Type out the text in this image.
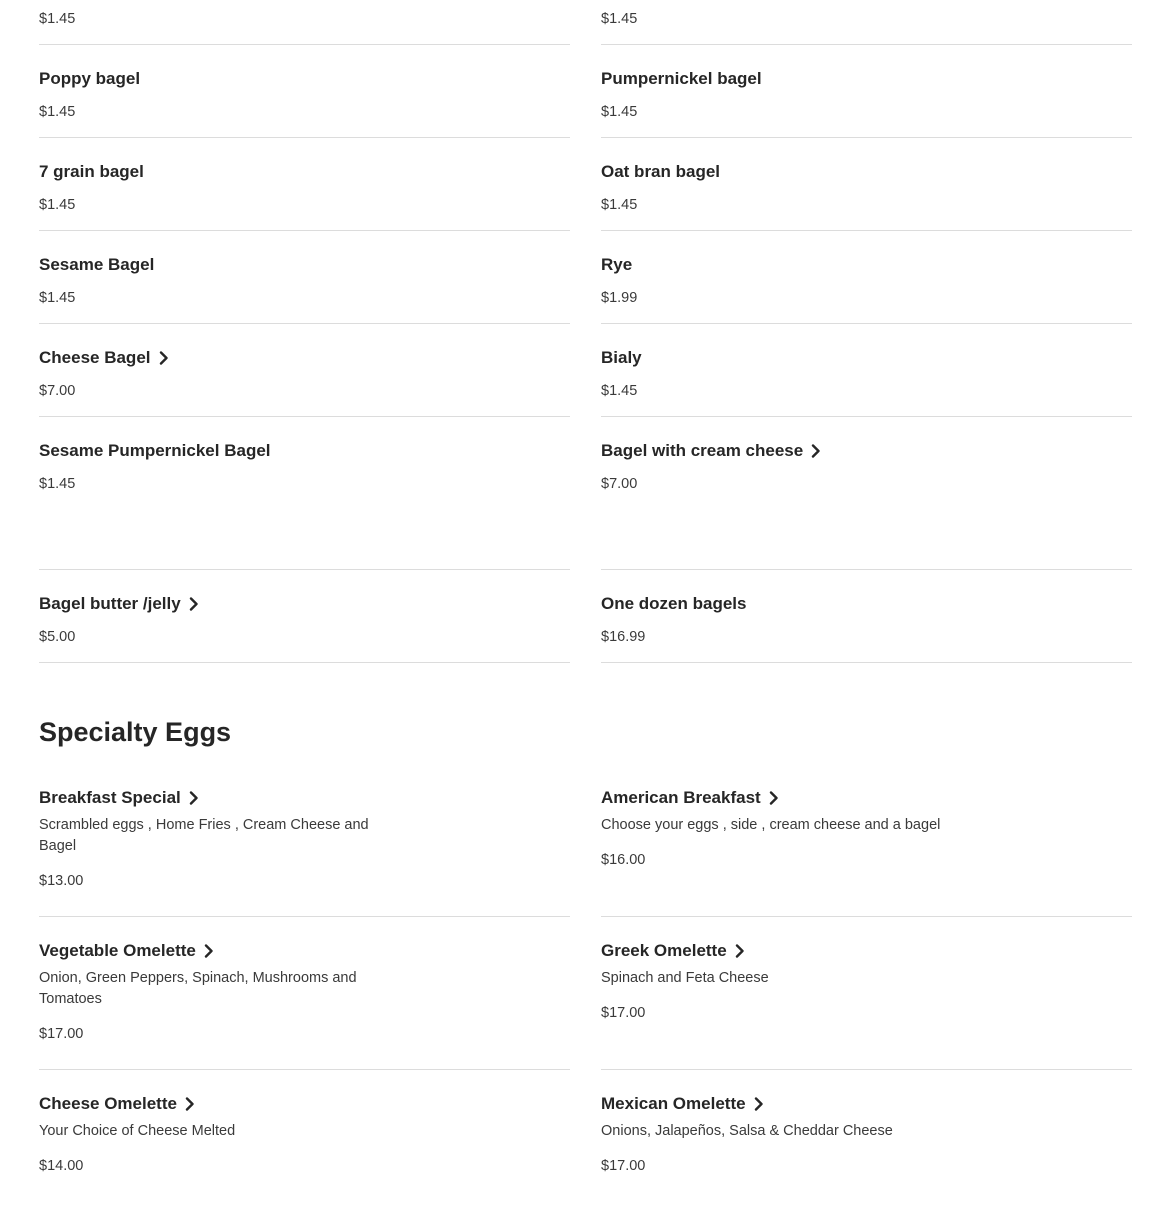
$1.45	$1.45
Poppy bagel
$1.45
7 grain bagel
$1.45
Sesame Bagel
$1.45
Cheese Bagel
$7.00
Sesame Pumpernickel Bagel
$1.45
Bagel butter /jelly
$5.00
Pumpernickel bagel
$1.45
Oat bran bagel
$1.45
Rye
$1.99
Bialy
$1.45
Bagel with cream cheese
$7.00
One dozen bagels
$16.99
Specialty Eggs
Breakfast Special
Scrambled eggs , Home Fries , Cream Cheese and Bagel
$13.00
Vegetable Omelette
Onion, Green Peppers, Spinach, Mushrooms and Tomatoes
$17.00
Cheese Omelette
Your Choice of Cheese Melted
$14.00
American Breakfast
Choose your eggs , side , cream cheese and a bagel
$16.00
Greek Omelette
Spinach and Feta Cheese
$17.00
Mexican Omelette
Onions, Jalapeños, Salsa & Cheddar Cheese
$17.00
